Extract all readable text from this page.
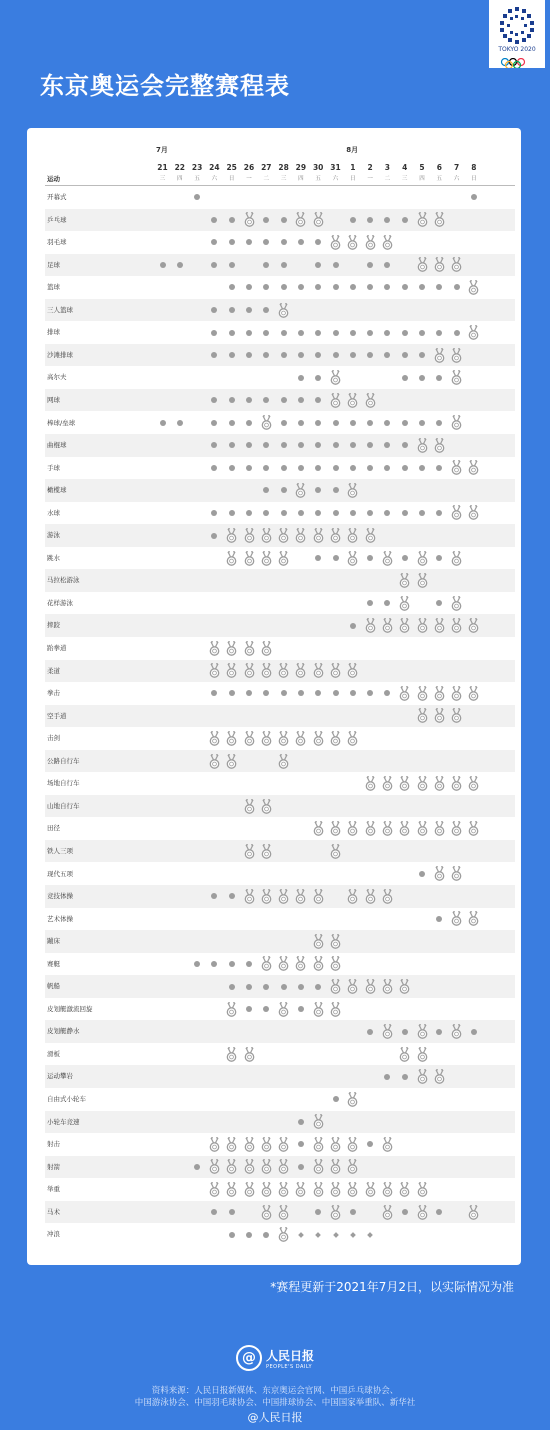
东京奥运会完整赛程表
TOKYO 2020
运动
7月	8月
21
三
22
四
23
五
24
六
25
日
26
一
27
二
28
三
29
四
30
五
31
六
1
日
2
一
3
二
4
三
5
四
6
五
7
六
8
日
开幕式
乒乓球
羽毛球
足球
篮球
三人篮球
排球
沙滩排球
高尔夫
网球
棒球/垒球
曲棍球
手球
橄榄球
水球
游泳
跳水
马拉松游泳
花样游泳
摔跤
跆拳道
柔道
拳击
空手道
击剑
公路自行车
场地自行车
山地自行车
田径
铁人三项
现代五项
竞技体操
艺术体操
蹦床
赛艇
帆船
皮划艇激流回旋
皮划艇静水
滑板
运动攀岩
自由式小轮车
小轮车竞速
射击
射箭
举重
马术
冲浪
*赛程更新于2021年7月2日，以实际情况为准
@ 人民日报
PEOPLE'S DAILY
资料来源：人民日报新媒体、东京奥运会官网、中国乒乓球协会、
中国游泳协会、中国羽毛球协会、中国排球协会、中国国家举重队、新华社
@人民日报
